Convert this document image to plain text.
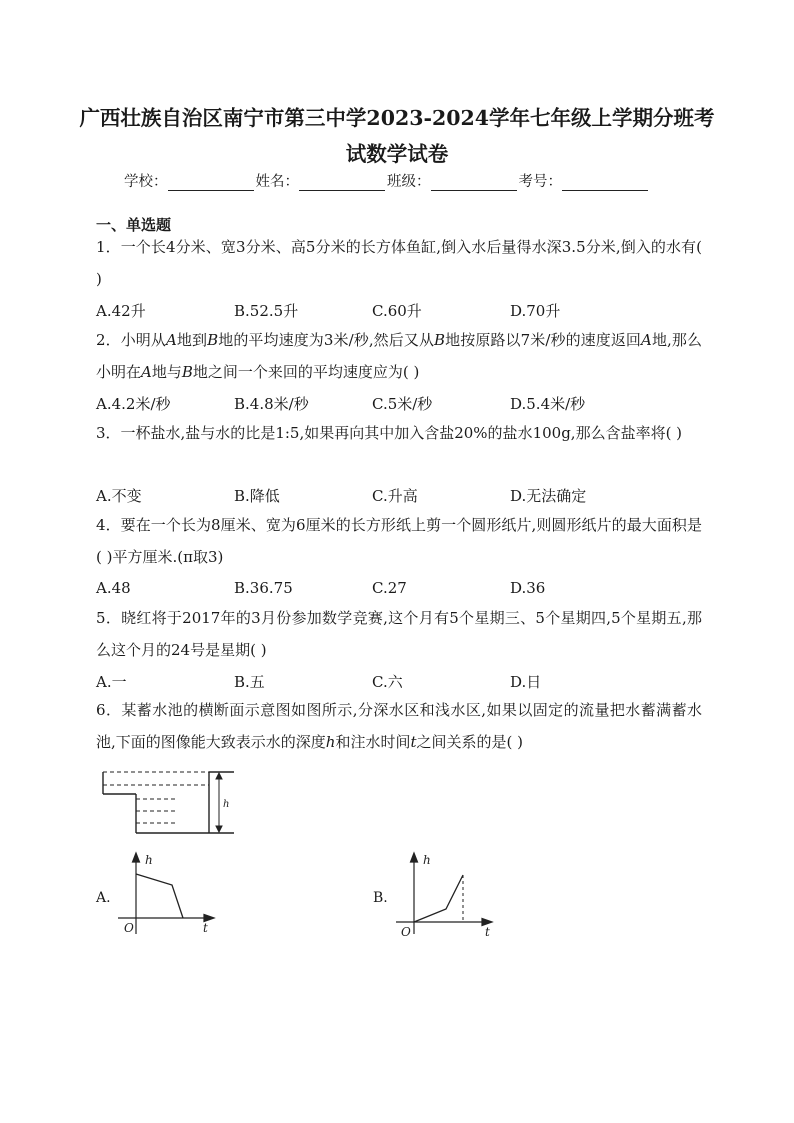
广西壮族自治区南宁市第三中学2023-2024学年七年级上学期分班考
试数学试卷
学校：	姓名：	班级：	考号：
一、单选题
1．一个长4分米、宽3分米、高5分米的长方体鱼缸,倒入水后量得水深3.5分米,倒入的水有( )
A.42升	B.52.5升	C.60升	D.70升
2．小明从A地到B地的平均速度为3米/秒,然后又从B地按原路以7米/秒的速度返回A地,那么小明在A地与B地之间一个来回的平均速度应为( )
A.4.2米/秒	B.4.8米/秒	C.5米/秒	D.5.4米/秒
3．一杯盐水,盐与水的比是1:5,如果再向其中加入含盐20%的盐水100g,那么含盐率将( )
A.不变	B.降低	C.升高	D.无法确定
4．要在一个长为8厘米、宽为6厘米的长方形纸上剪一个圆形纸片,则圆形纸片的最大面积是( )平方厘米.(π取3)
A.48	B.36.75	C.27	D.36
5．晓红将于2017年的3月份参加数学竞赛,这个月有5个星期三、5个星期四,5个星期五,那么这个月的24号是星期( )
A.一	B.五	C.六	D.日
6．某蓄水池的横断面示意图如图所示,分深水区和浅水区,如果以固定的流量把水蓄满蓄水池,下面的图像能大致表示水的深度h和注水时间t之间关系的是( )
h
A.
h
O	t
B.
h
O	t
